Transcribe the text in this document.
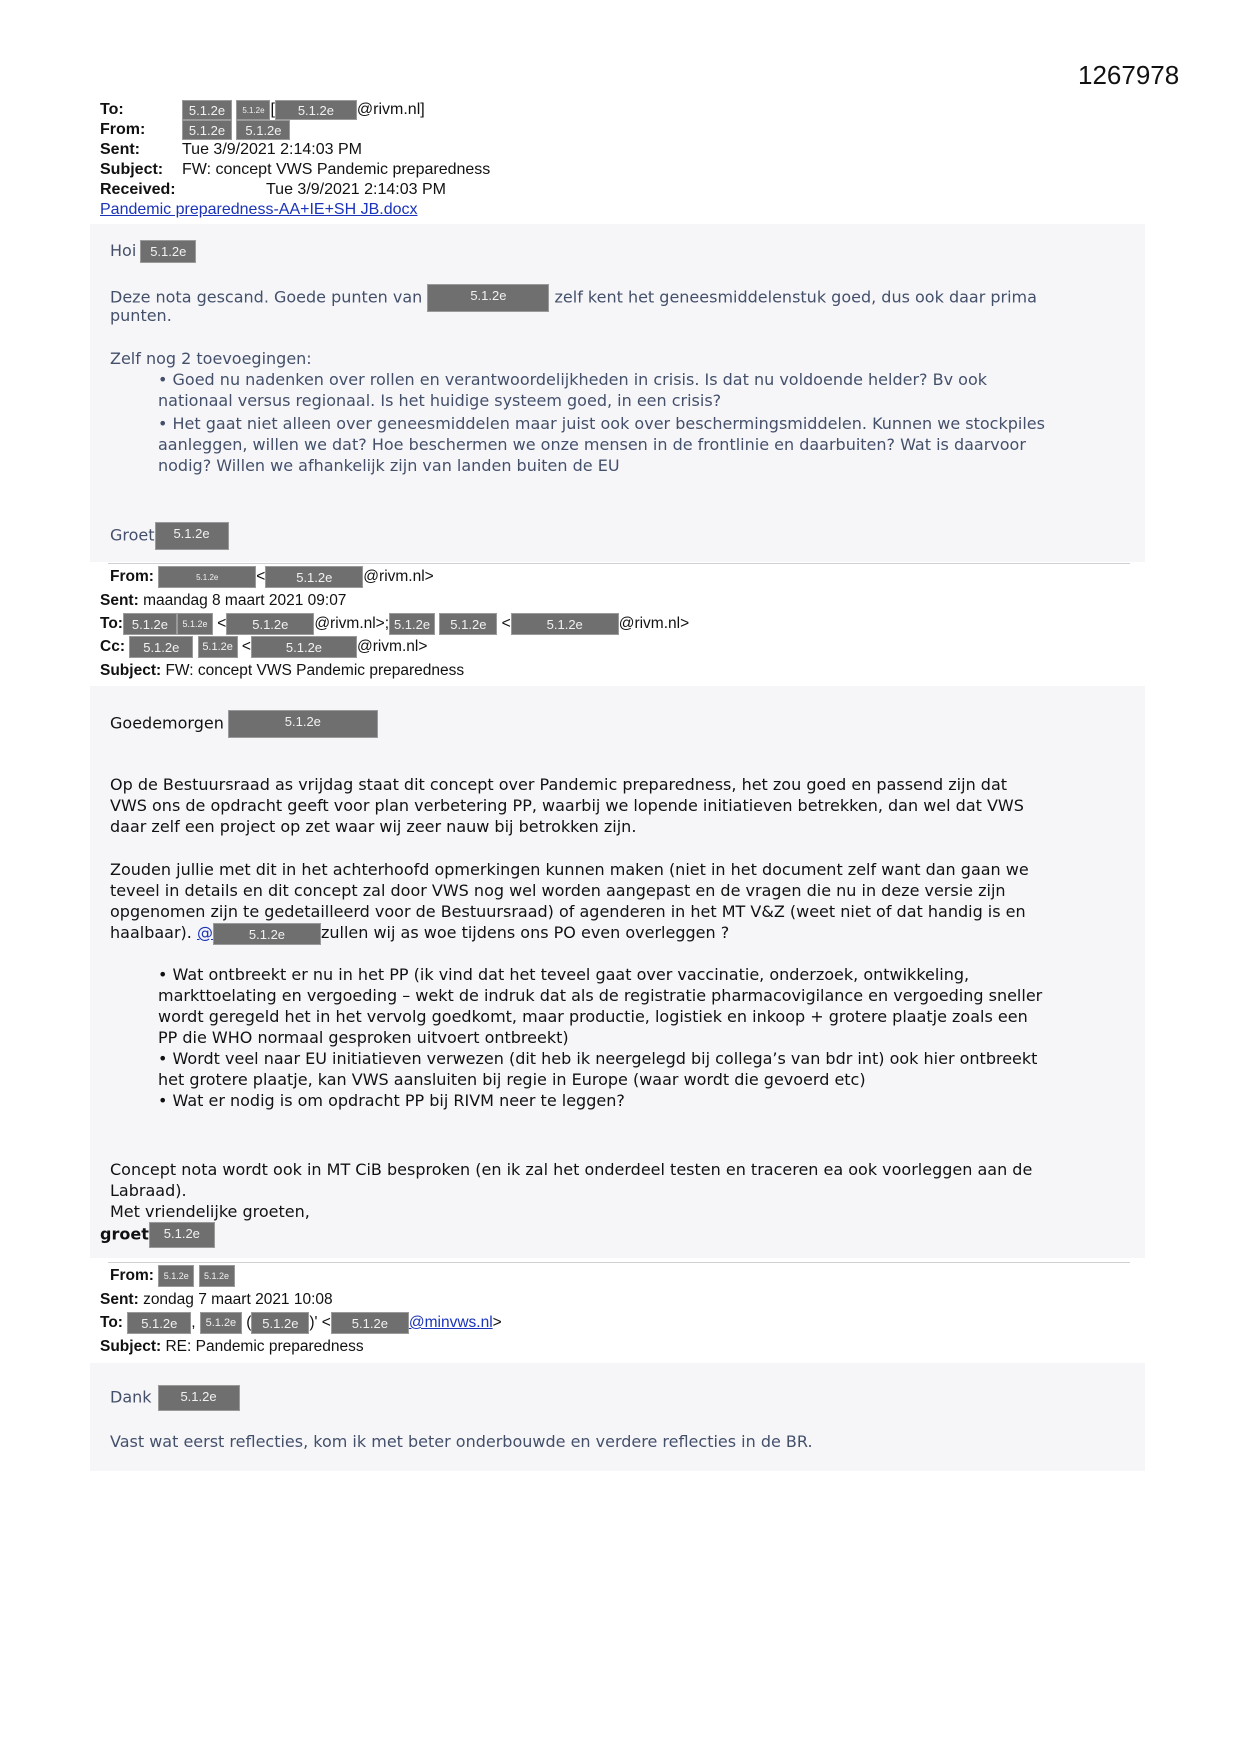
1267978
To:	5.1.2e 5.1.2e [ 5.1.2e @rivm.nl]
From:	5.1.2e 5.1.2e
Sent:	Tue 3/9/2021 2:14:03 PM
Subject: FW: concept VWS Pandemic preparedness
Received:	Tue 3/9/2021 2:14:03 PM
Pandemic preparedness-AA+IE+SH JB.docx
Hoi 5.1.2e
Deze nota gescand. Goede punten van	5.1.2e	zelf kent het geneesmiddelenstuk goed, dus ook daar prima
punten.
Zelf nog 2 toevoegingen:
• Goed nu nadenken over rollen en verantwoordelijkheden in crisis. Is dat nu voldoende helder? Bv ook
nationaal versus regionaal. Is het huidige systeem goed, in een crisis?
• Het gaat niet alleen over geneesmiddelen maar juist ook over beschermingsmiddelen. Kunnen we stockpiles
aanleggen, willen we dat? Hoe beschermen we onze mensen in de frontlinie en daarbuiten? Wat is daarvoor
nodig? Willen we afhankelijk zijn van landen buiten de EU
Groet 5.1.2e
From:	5.1.2e < 5.1.2e @rivm.nl>
Sent: maandag 8 maart 2021 09:07
To: 5.1.2e 5.1.2e < 5.1.2e @rivm.nl>; 5.1.2e 5.1.2e <	5.1.2e @rivm.nl>
Cc: 5.1.2e 5.1.2e <	5.1.2e @rivm.nl>
Subject: FW: concept VWS Pandemic preparedness
Goedemorgen	5.1.2e
Op de Bestuursraad as vrijdag staat dit concept over Pandemic preparedness, het zou goed en passend zijn dat
VWS ons de opdracht geeft voor plan verbetering PP, waarbij we lopende initiatieven betrekken, dan wel dat VWS
daar zelf een project op zet waar wij zeer nauw bij betrokken zijn.
Zouden jullie met dit in het achterhoofd opmerkingen kunnen maken (niet in het document zelf want dan gaan we
teveel in details en dit concept zal door VWS nog wel worden aangepast en de vragen die nu in deze versie zijn
opgenomen zijn te gedetailleerd voor de Bestuursraad) of agenderen in het MT V&Z (weet niet of dat handig is en
haalbaar). @	5.1.2e zullen wij as woe tijdens ons PO even overleggen ?
• Wat ontbreekt er nu in het PP (ik vind dat het teveel gaat over vaccinatie, onderzoek, ontwikkeling,
markttoelating en vergoeding – wekt de indruk dat als de registratie pharmacovigilance en vergoeding sneller
wordt geregeld het in het vervolg goedkomt, maar productie, logistiek en inkoop + grotere plaatje zoals een
PP die WHO normaal gesproken uitvoert ontbreekt)
• Wordt veel naar EU initiatieven verwezen (dit heb ik neergelegd bij collega’s van bdr int) ook hier ontbreekt
het grotere plaatje, kan VWS aansluiten bij regie in Europe (waar wordt die gevoerd etc)
• Wat er nodig is om opdracht PP bij RIVM neer te leggen?
Concept nota wordt ook in MT CiB besproken (en ik zal het onderdeel testen en traceren ea ook voorleggen aan de
Labraad).
Met vriendelijke groeten,
groet 5.1.2e
From: 5.1.2e 5.1.2e
Sent: zondag 7 maart 2021 10:08
To: 5.1.2e , 5.1.2e ( 5.1.2e )' < 5.1.2e @minvws.nl>
Subject: RE: Pandemic preparedness
Dank 5.1.2e
Vast wat eerst reflecties, kom ik met beter onderbouwde en verdere reflecties in de BR.
